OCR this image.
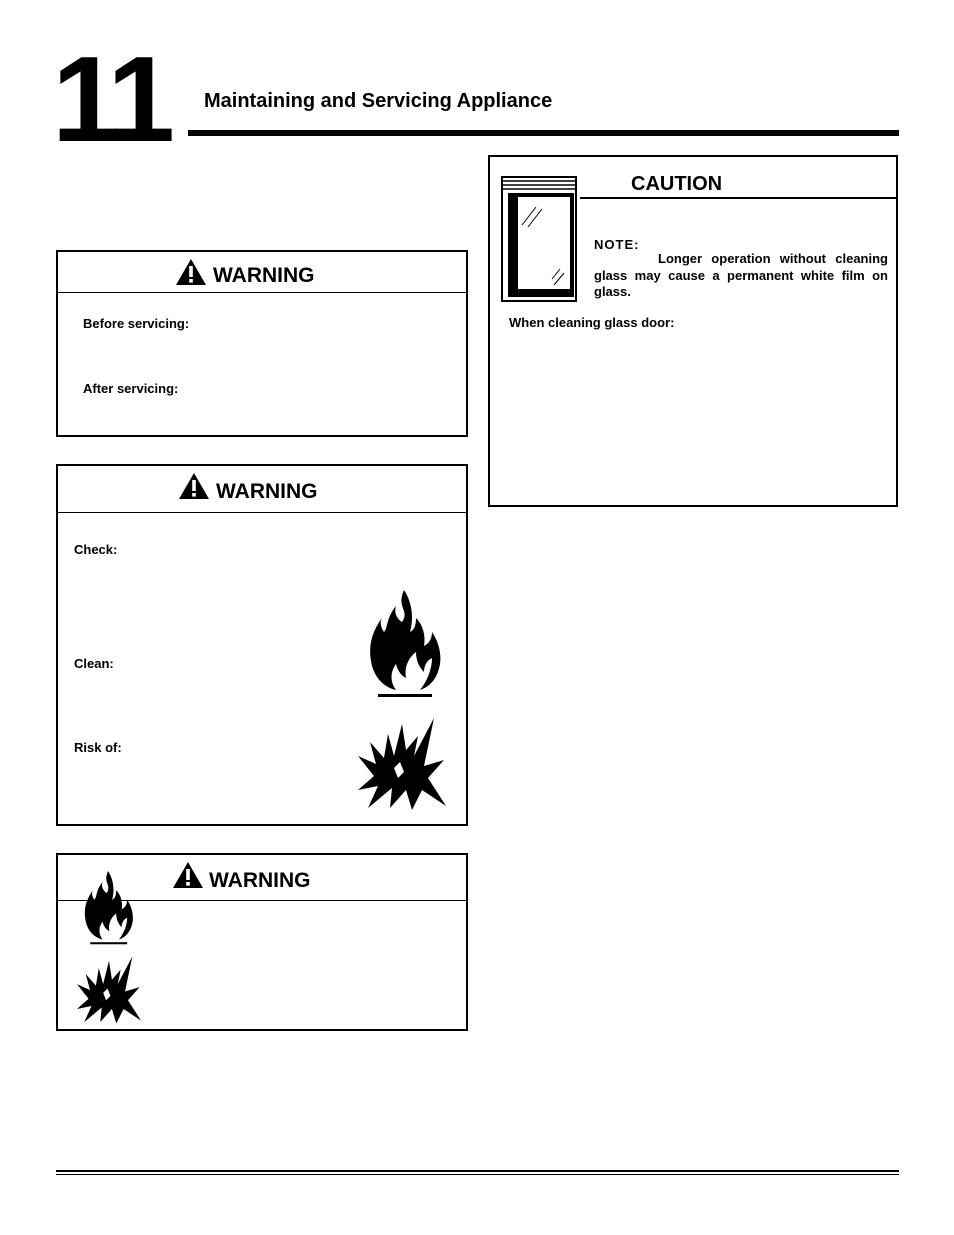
11 Maintaining and Servicing Appliance
WARNING
Before servicing:
After servicing:
WARNING
Check:
Clean:
Risk of:
WARNING
CAUTION
NOTE:
Longer operation without cleaning glass may cause a permanent white film on glass.
When cleaning glass door:
